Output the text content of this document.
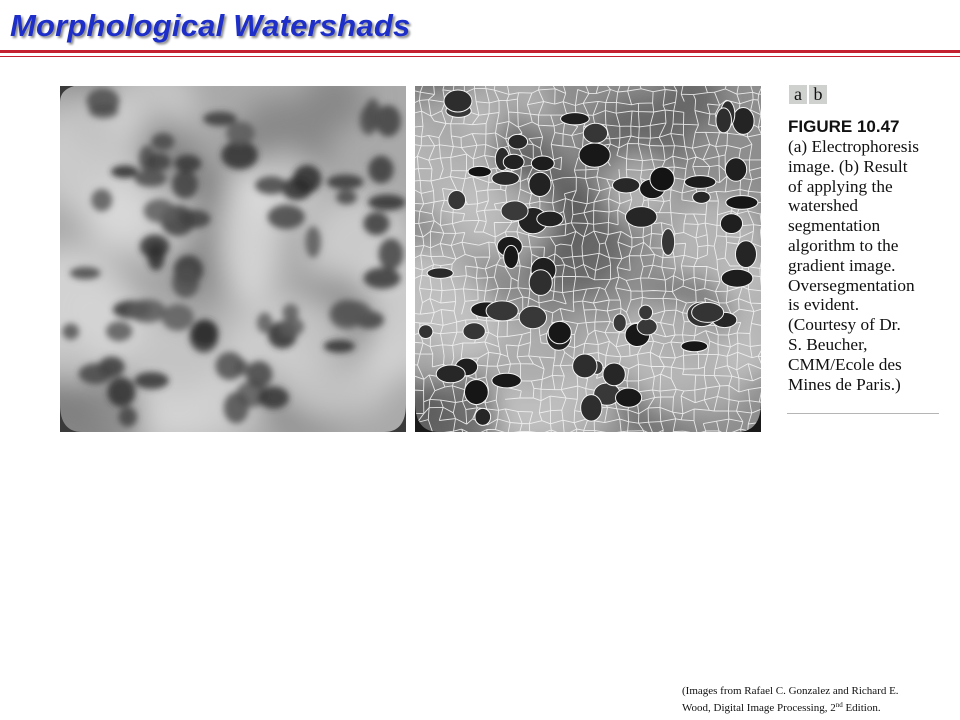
Morphological Watershads
a b
FIGURE 10.47
(a) Electrophoresis
image. (b) Result
of applying the
watershed
segmentation
algorithm to the
gradient image.
Oversegmentation
is evident.
(Courtesy of Dr.
S. Beucher,
CMM/Ecole des
Mines de Paris.)
(Images from Rafael C. Gonzalez and Richard E.
Wood, Digital Image Processing, 2nd Edition.
